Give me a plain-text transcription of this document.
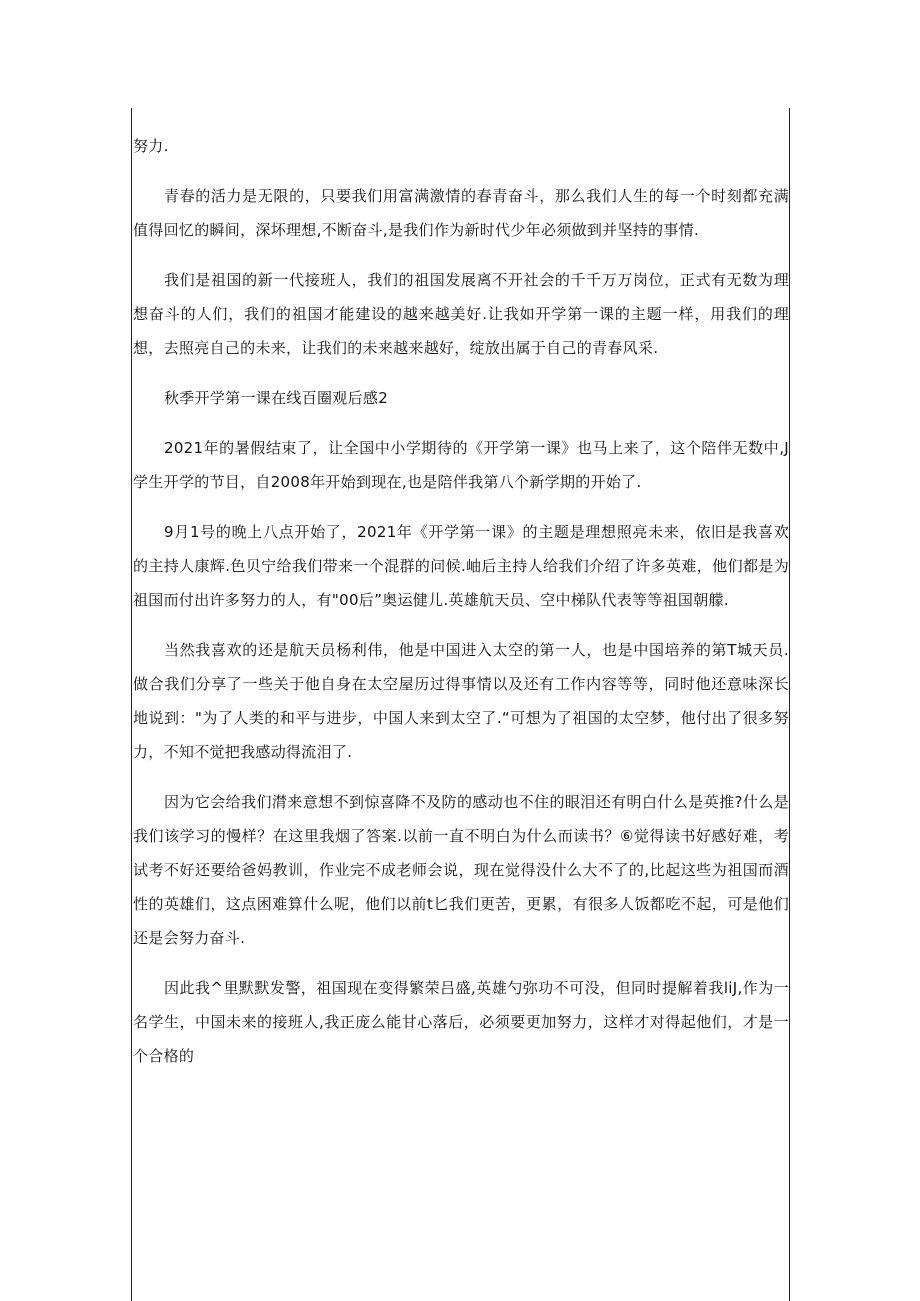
努力.

青春的活力是无限的，只要我们用富满激情的春青奋斗，那么我们人生的每一个时刻都充满值得回忆的瞬间，深坏理想,不断奋斗,是我们作为新时代少年必须做到并坚持的事情.

我们是祖国的新一代接班人，我们的祖国发展离不开社会的千千万万岗位，正式有无数为理想奋斗的人们，我们的祖国才能建设的越来越美好.让我如开学第一课的主题一样，用我们的理想，去照亮自己的未来，让我们的未来越来越好，绽放出属于自己的青春风采.

秋季开学第一课在线百圈观后感2

2021年的暑假结束了，让全国中小学期待的《开学第一课》也马上来了，这个陪伴无数中,J学生开学的节目，自2008年开始到现在,也是陪伴我第八个新学期的开始了.

9月1号的晚上八点开始了，2021年《开学第一课》的主题是理想照亮未来，依旧是我喜欢的主持人康辉.色贝宁给我们带来一个混群的问候.岫后主持人给我们介绍了许多英难，他们都是为祖国而付出许多努力的人，有"00后”奥运健儿.英雄航天员、空中梯队代表等等祖国朝艨.

当然我喜欢的还是航天员杨利伟，他是中国进入太空的第一人，也是中国培养的第T城天员.做合我们分享了一些关于他自身在太空屋历过得事情以及还有工作内容等等，同时他还意味深长地说到："为了人类的和平与进步，中国人来到太空了.“可想为了祖国的太空梦，他付出了很多努力，不知不觉把我感动得流泪了.

因为它会给我们潸来意想不到惊喜降不及防的感动也不住的眼泪还有明白什么是英推?什么是我们该学习的慢样？在这里我烟了答案.以前一直不明白为什么而读书？⑥觉得读书好感好难，考试考不好还要给爸妈教训，作业完不成老师会说，现在觉得没什么大不了的,比起这些为祖国而酒性的英雄们，这点困难算什么呢，他们以前t匕我们更苦，更累，有很多人饭都吃不起，可是他们还是会努力奋斗.

因此我^里默默发警，祖国现在变得繁荣吕盛,英雄勺弥功不可没，但同时提解着我liJ,作为一名学生，中国未来的接班人,我正庞么能甘心落后，必须要更加努力，这样才对得起他们，才是一个合格的
